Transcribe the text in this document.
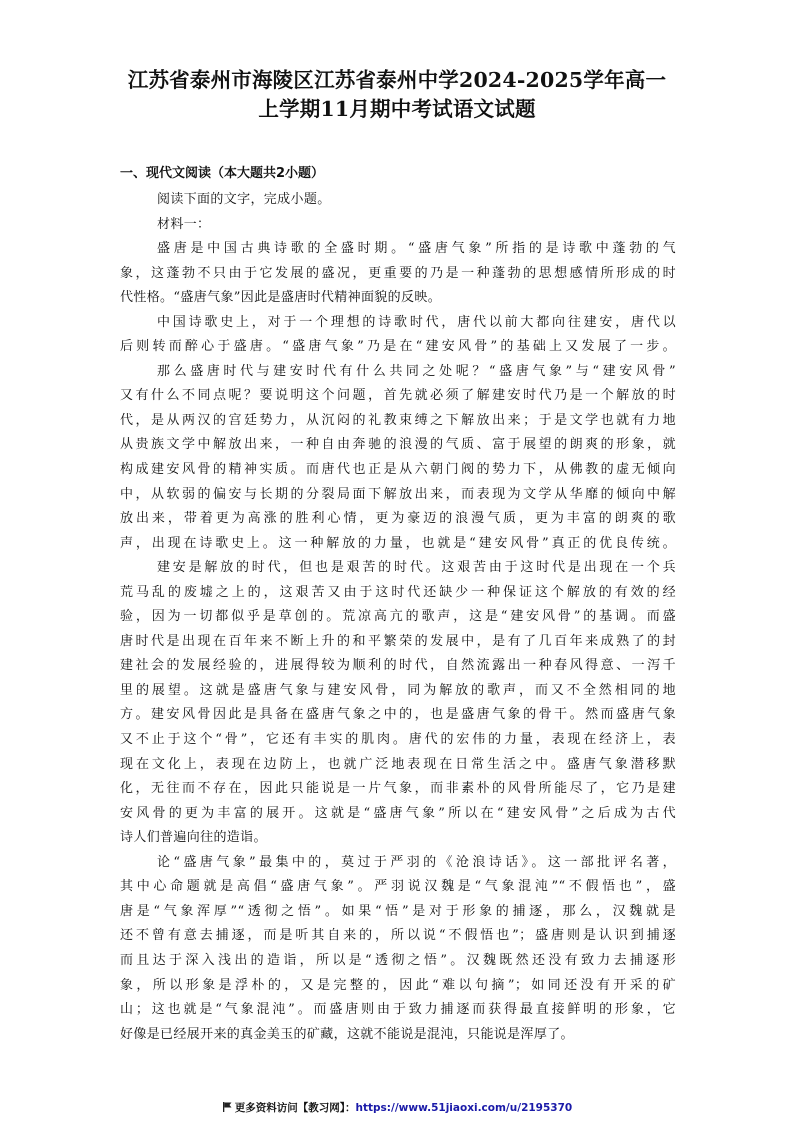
江苏省泰州市海陵区江苏省泰州中学2024-2025学年高一
上学期11月期中考试语文试题
一、现代文阅读（本大题共2小题）
阅读下面的文字，完成小题。
材料一：
盛唐是中国古典诗歌的全盛时期。“盛唐气象”所指的是诗歌中蓬勃的气
象，这蓬勃不只由于它发展的盛况，更重要的乃是一种蓬勃的思想感情所形成的时
代性格。“盛唐气象”因此是盛唐时代精神面貌的反映。
中国诗歌史上，对于一个理想的诗歌时代，唐代以前大都向往建安，唐代以
后则转而醉心于盛唐。“盛唐气象”乃是在“建安风骨”的基础上又发展了一步。
那么盛唐时代与建安时代有什么共同之处呢？“盛唐气象”与“建安风骨”
又有什么不同点呢？要说明这个问题，首先就必须了解建安时代乃是一个解放的时
代，是从两汉的宫廷势力，从沉闷的礼教束缚之下解放出来；于是文学也就有力地
从贵族文学中解放出来，一种自由奔驰的浪漫的气质、富于展望的朗爽的形象，就
构成建安风骨的精神实质。而唐代也正是从六朝门阀的势力下，从佛教的虚无倾向
中，从软弱的偏安与长期的分裂局面下解放出来，而表现为文学从华靡的倾向中解
放出来，带着更为高涨的胜利心情，更为豪迈的浪漫气质，更为丰富的朗爽的歌
声，出现在诗歌史上。这一种解放的力量，也就是“建安风骨”真正的优良传统。
建安是解放的时代，但也是艰苦的时代。这艰苦由于这时代是出现在一个兵
荒马乱的废墟之上的，这艰苦又由于这时代还缺少一种保证这个解放的有效的经
验，因为一切都似乎是草创的。荒凉高亢的歌声，这是“建安风骨”的基调。而盛
唐时代是出现在百年来不断上升的和平繁荣的发展中，是有了几百年来成熟了的封
建社会的发展经验的，进展得较为顺利的时代，自然流露出一种春风得意、一泻千
里的展望。这就是盛唐气象与建安风骨，同为解放的歌声，而又不全然相同的地
方。建安风骨因此是具备在盛唐气象之中的，也是盛唐气象的骨干。然而盛唐气象
又不止于这个“骨”，它还有丰实的肌肉。唐代的宏伟的力量，表现在经济上，表
现在文化上，表现在边防上，也就广泛地表现在日常生活之中。盛唐气象潜移默
化，无往而不存在，因此只能说是一片气象，而非素朴的风骨所能尽了，它乃是建
安风骨的更为丰富的展开。这就是“盛唐气象”所以在“建安风骨”之后成为古代
诗人们普遍向往的造诣。
论“盛唐气象”最集中的，莫过于严羽的《沧浪诗话》。这一部批评名著，
其中心命题就是高倡“盛唐气象”。严羽说汉魏是“气象混沌”“不假悟也”，盛
唐是“气象浑厚”“透彻之悟”。如果“悟”是对于形象的捕逐，那么，汉魏就是
还不曾有意去捕逐，而是听其自来的，所以说“不假悟也”；盛唐则是认识到捕逐
而且达于深入浅出的造诣，所以是“透彻之悟”。汉魏既然还没有致力去捕逐形
象，所以形象是浮朴的，又是完整的，因此“难以句摘”；如同还没有开采的矿
山；这也就是“气象混沌”。而盛唐则由于致力捕逐而获得最直接鲜明的形象，它
好像是已经展开来的真金美玉的矿藏，这就不能说是混沌，只能说是浑厚了。
更多资料访问【教习网】：https://www.51jiaoxi.com/u/2195370
